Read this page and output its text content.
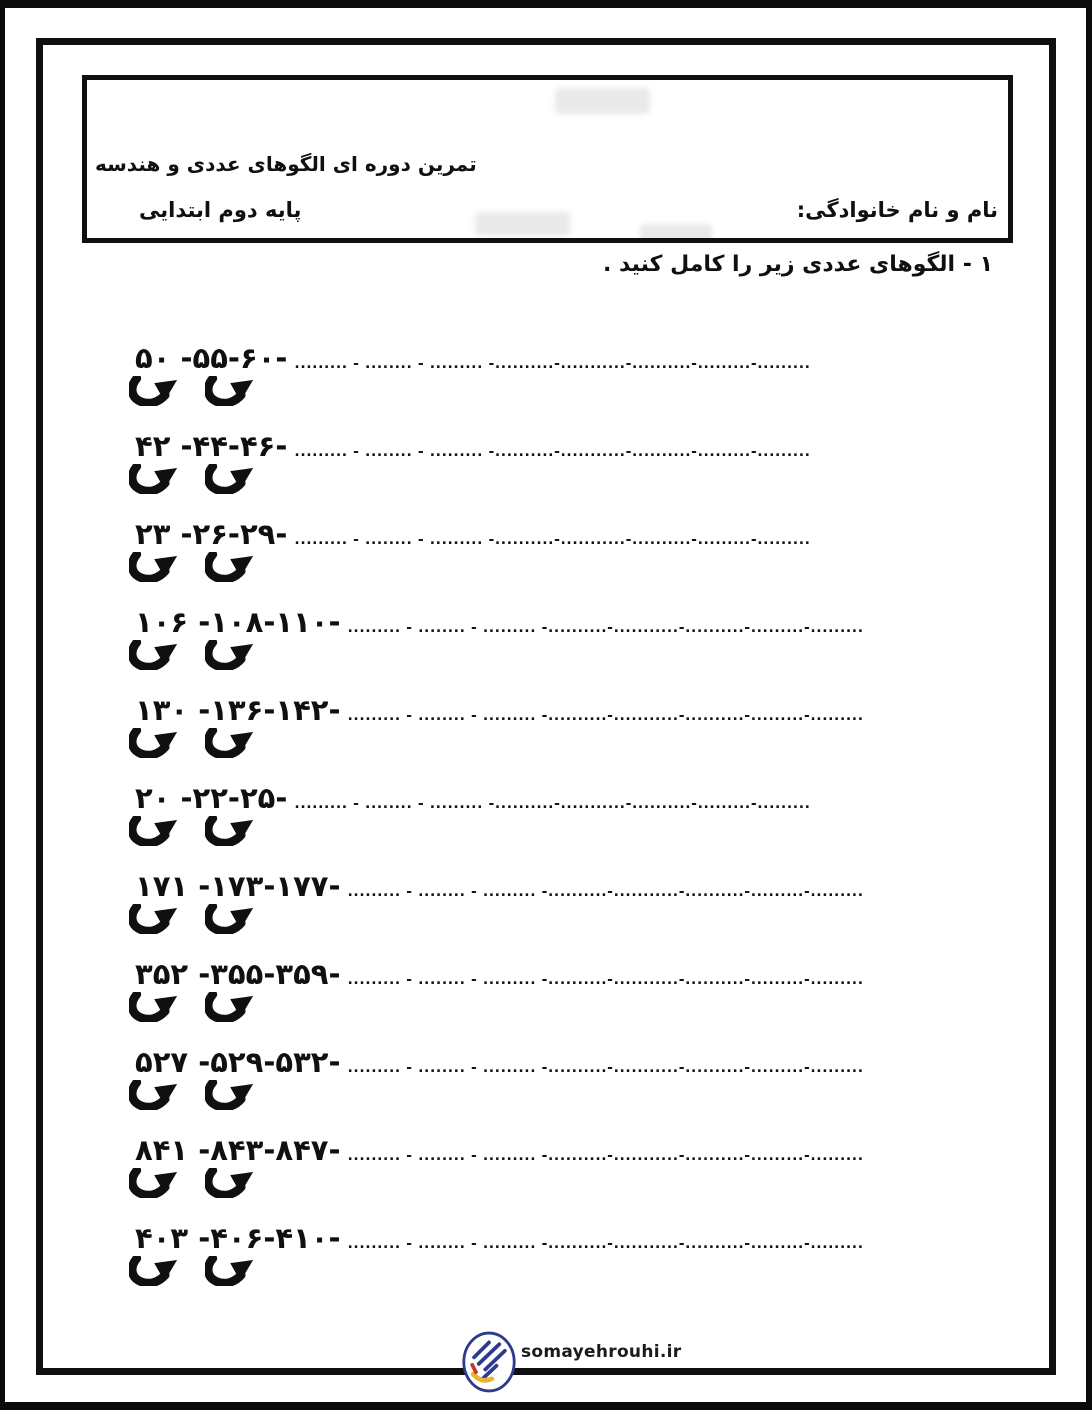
تمرین دوره ای الگوهای عددی و هندسه
پایه دوم ابتدایی	نام و نام خانوادگی:
۱ - الگوهای عددی زیر را کامل کنید .
۵۰ -۵۵-۶۰- ......... - ........ - ......... -..........-...........-..........-.........-.........
۴۲ -۴۴-۴۶- ......... - ........ - ......... -..........-...........-..........-.........-.........
۲۳ -۲۶-۲۹- ......... - ........ - ......... -..........-...........-..........-.........-.........
۱۰۶ -۱۰۸-۱۱۰- ......... - ........ - ......... -..........-...........-..........-.........-.........
۱۳۰ -۱۳۶-۱۴۲- ......... - ........ - ......... -..........-...........-..........-.........-.........
۲۰ -۲۲-۲۵- ......... - ........ - ......... -..........-...........-..........-.........-.........
۱۷۱ -۱۷۳-۱۷۷- ......... - ........ - ......... -..........-...........-..........-.........-.........
۳۵۲ -۳۵۵-۳۵۹- ......... - ........ - ......... -..........-...........-..........-.........-.........
۵۲۷ -۵۲۹-۵۳۲- ......... - ........ - ......... -..........-...........-..........-.........-.........
۸۴۱ -۸۴۳-۸۴۷- ......... - ........ - ......... -..........-...........-..........-.........-.........
۴۰۳ -۴۰۶-۴۱۰- ......... - ........ - ......... -..........-...........-..........-.........-.........
somayehrouhi.ir
